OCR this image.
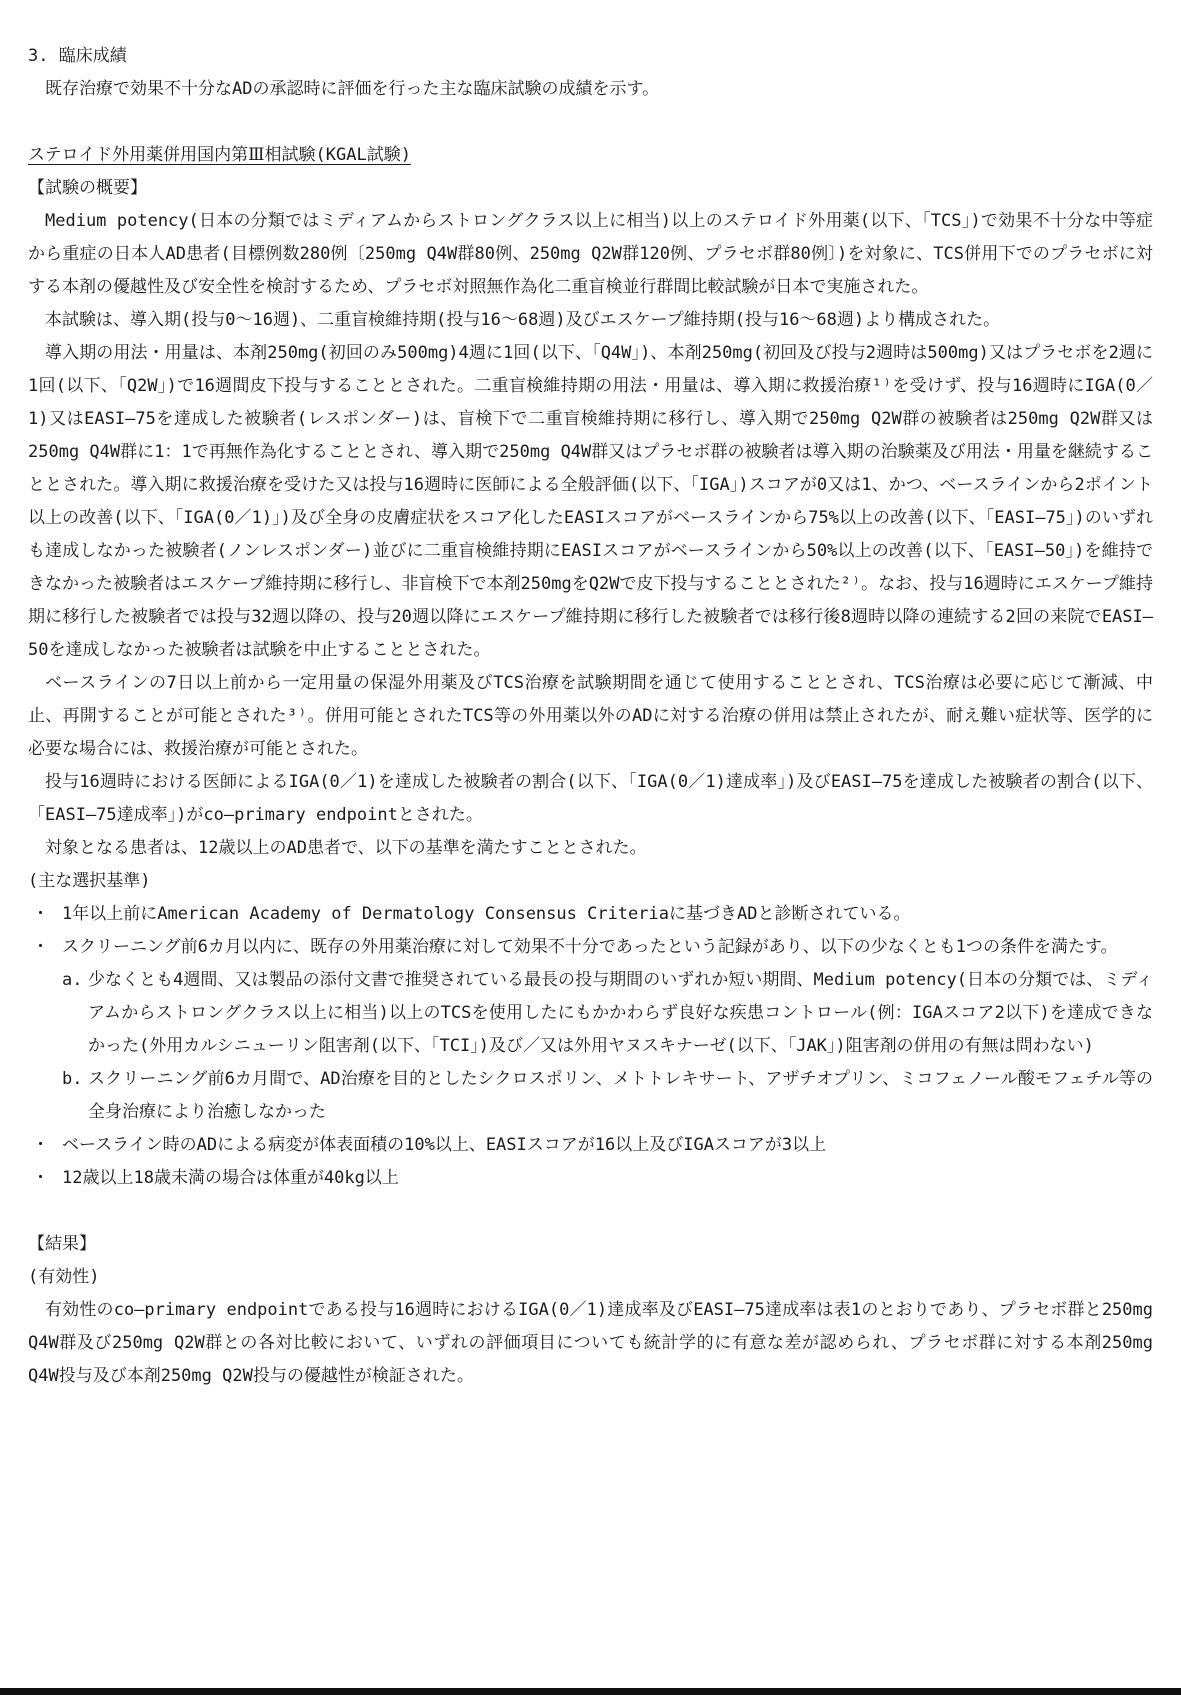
3. 臨床成績

既存治療で効果不十分なADの承認時に評価を行った主な臨床試験の成績を示す。

ステロイド外用薬併用国内第Ⅲ相試験(KGAL試験)

【試験の概要】

Medium potency(日本の分類ではミディアムからストロングクラス以上に相当)以上のステロイド外用薬(以下、「TCS」)で効果不十分な中等症から重症の日本人AD患者(目標例数280例〔250mg Q4W群80例、250mg Q2W群120例、プラセボ群80例〕)を対象に、TCS併用下でのプラセボに対する本剤の優越性及び安全性を検討するため、プラセボ対照無作為化二重盲検並行群間比較試験が日本で実施された。

本試験は、導入期(投与0〜16週)、二重盲検維持期(投与16〜68週)及びエスケープ維持期(投与16〜68週)より構成された。

導入期の用法・用量は、本剤250mg(初回のみ500mg)4週に1回(以下、「Q4W」)、本剤250mg(初回及び投与2週時は500mg)又はプラセボを2週に1回(以下、「Q2W」)で16週間皮下投与することとされた。二重盲検維持期の用法・用量は、導入期に救援治療¹⁾を受けず、投与16週時にIGA(0／1)又はEASI—75を達成した被験者(レスポンダー)は、盲検下で二重盲検維持期に移行し、導入期で250mg Q2W群の被験者は250mg Q2W群又は250mg Q4W群に1：1で再無作為化することとされ、導入期で250mg Q4W群又はプラセボ群の被験者は導入期の治験薬及び用法・用量を継続することとされた。導入期に救援治療を受けた又は投与16週時に医師による全般評価(以下、「IGA」)スコアが0又は1、かつ、ベースラインから2ポイント以上の改善(以下、「IGA(0／1)」)及び全身の皮膚症状をスコア化したEASIスコアがベースラインから75%以上の改善(以下、「EASI—75」)のいずれも達成しなかった被験者(ノンレスポンダー)並びに二重盲検維持期にEASIスコアがベースラインから50%以上の改善(以下、「EASI—50」)を維持できなかった被験者はエスケープ維持期に移行し、非盲検下で本剤250mgをQ2Wで皮下投与することとされた²⁾。なお、投与16週時にエスケープ維持期に移行した被験者では投与32週以降の、投与20週以降にエスケープ維持期に移行した被験者では移行後8週時以降の連続する2回の来院でEASI—50を達成しなかった被験者は試験を中止することとされた。

ベースラインの7日以上前から一定用量の保湿外用薬及びTCS治療を試験期間を通じて使用することとされ、TCS治療は必要に応じて漸減、中止、再開することが可能とされた³⁾。併用可能とされたTCS等の外用薬以外のADに対する治療の併用は禁止されたが、耐え難い症状等、医学的に必要な場合には、救援治療が可能とされた。

投与16週時における医師によるIGA(0／1)を達成した被験者の割合(以下、「IGA(0／1)達成率」)及びEASI—75を達成した被験者の割合(以下、「EASI—75達成率」)がco—primary endpointとされた。

対象となる患者は、12歳以上のAD患者で、以下の基準を満たすこととされた。

(主な選択基準)

・ 1年以上前にAmerican Academy of Dermatology Consensus Criteriaに基づきADと診断されている。
・ スクリーニング前6カ月以内に、既存の外用薬治療に対して効果不十分であったという記録があり、以下の少なくとも1つの条件を満たす。
a. 少なくとも4週間、又は製品の添付文書で推奨されている最長の投与期間のいずれか短い期間、Medium potency(日本の分類では、ミディアムからストロングクラス以上に相当)以上のTCSを使用したにもかかわらず良好な疾患コントロール(例：IGAスコア2以下)を達成できなかった(外用カルシニューリン阻害剤(以下、「TCI」)及び／又は外用ヤヌスキナーゼ(以下、「JAK」)阻害剤の併用の有無は問わない)
b. スクリーニング前6カ月間で、AD治療を目的としたシクロスポリン、メトトレキサート、アザチオプリン、ミコフェノール酸モフェチル等の全身治療により治癒しなかった
・ ベースライン時のADによる病変が体表面積の10%以上、EASIスコアが16以上及びIGAスコアが3以上
・ 12歳以上18歳未満の場合は体重が40kg以上

【結果】

(有効性)

有効性のco—primary endpointである投与16週時におけるIGA(0／1)達成率及びEASI—75達成率は表1のとおりであり、プラセボ群と250mg Q4W群及び250mg Q2W群との各対比較において、いずれの評価項目についても統計学的に有意な差が認められ、プラセボ群に対する本剤250mg Q4W投与及び本剤250mg Q2W投与の優越性が検証された。
